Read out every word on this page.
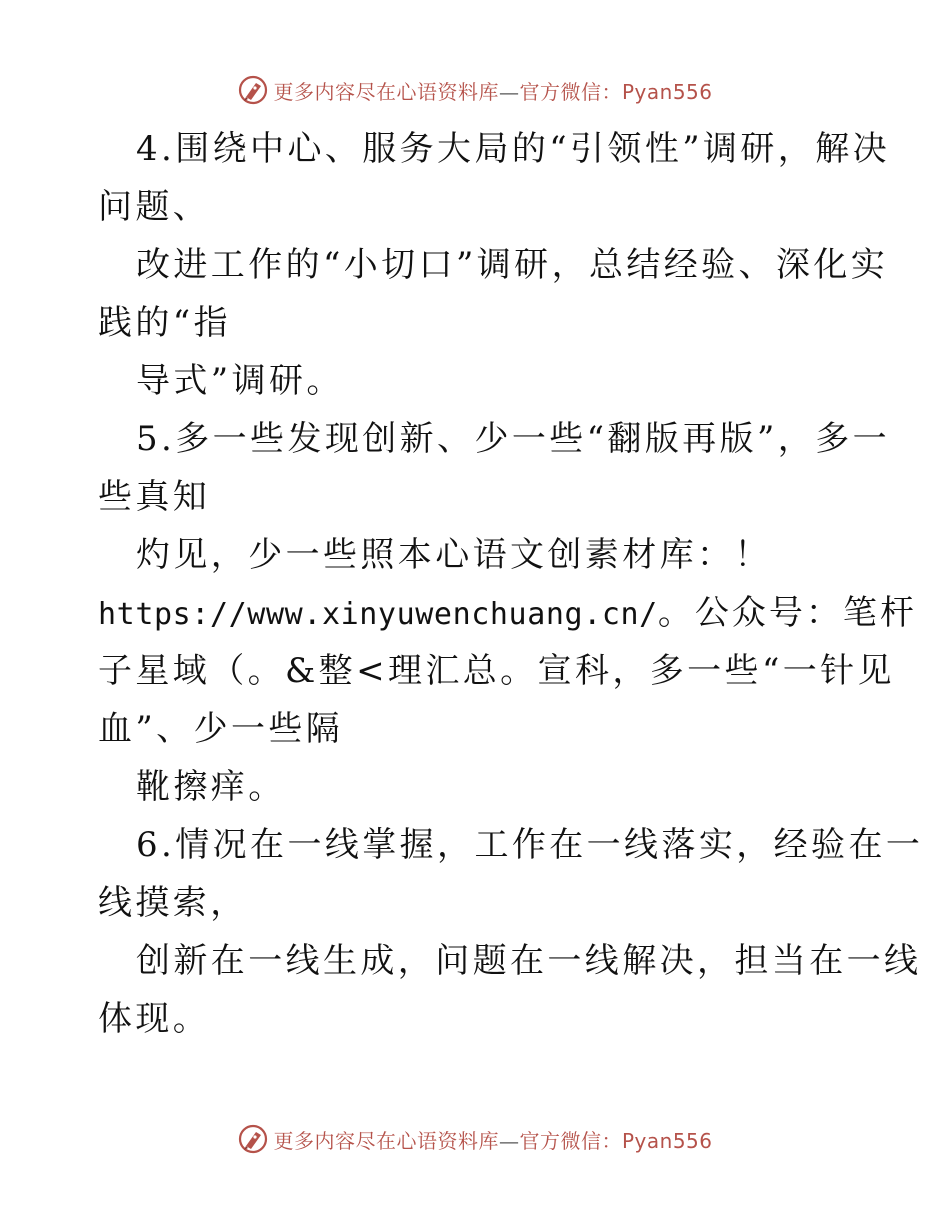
更多内容尽在心语资料库—官方微信：Pyan556
4.围绕中心、服务大局的“引领性”调研，解决
问题、
改进工作的“小切口”调研，总结经验、深化实
践的“指
导式”调研。
5.多一些发现创新、少一些“翻版再版”，多一
些真知
灼见，少一些照本心语文创素材库：！
https://www.xinyuwenchuang.cn/。公众号：笔杆
子星域（。&整<理汇总。宣科，多一些“一针见
血”、少一些隔
靴擦痒。
6.情况在一线掌握，工作在一线落实，经验在一
线摸索，
创新在一线生成，问题在一线解决，担当在一线
体现。
更多内容尽在心语资料库—官方微信：Pyan556
